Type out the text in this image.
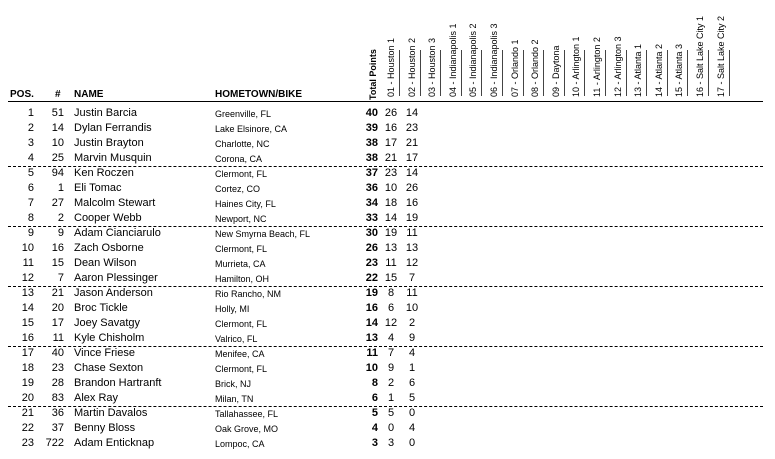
POS. # NAME	HOMETOWN/BIKE	Total Points 01 - Houston 1 02 - Houston 2 03 - Houston 3 04 - Indianapolis 1 05 - Indianapolis 2 06 - Indianapolis 3 07 - Orlando 1 08 - Orlando 2 09 - Daytona 10 - Arlington 1 11 - Arlington 2 12 - Arlington 3 13 - Atlanta 1 14 - Atlanta 2 15 - Atlanta 3 16 - Salt Lake City 1 17 - Salt Lake City 2
1	51 Justin Barcia	Greenville, FL	40 26 14
2	14 Dylan Ferrandis	Lake Elsinore, CA	39 16 23
3	10 Justin Brayton	Charlotte, NC	38 17 21
4	25 Marvin Musquin	Corona, CA	38 21 17
5	94 Ken Roczen	Clermont, FL	37 23 14
6	1 Eli Tomac	Cortez, CO	36 10 26
7	27 Malcolm Stewart	Haines City, FL	34 18 16
8	2 Cooper Webb	Newport, NC	33 14 19
9	9 Adam Cianciarulo	New Smyrna Beach, FL	30 19 11
10	16 Zach Osborne	Clermont, FL	26 13 13
11	15 Dean Wilson	Murrieta, CA	23 11 12
12	7 Aaron Plessinger	Hamilton, OH	22 15	7
13	21 Jason Anderson	Rio Rancho, NM	19 8	11
14	20 Broc Tickle	Holly, MI	16 6	10
15	17 Joey Savatgy	Clermont, FL	14 12	2
16	11 Kyle Chisholm	Valrico, FL	13 4	9
17	40 Vince Friese	Menifee, CA	11 7	4
18	23 Chase Sexton	Clermont, FL	10 9	1
19	28 Brandon Hartranft	Brick, NJ	8 2	6
20	83 Alex Ray	Milan, TN	6 1	5
21	36 Martin Davalos	Tallahassee, FL	5 5	0
22	37 Benny Bloss	Oak Grove, MO	4 0	4
23	722 Adam Enticknap	Lompoc, CA	3 3	0
